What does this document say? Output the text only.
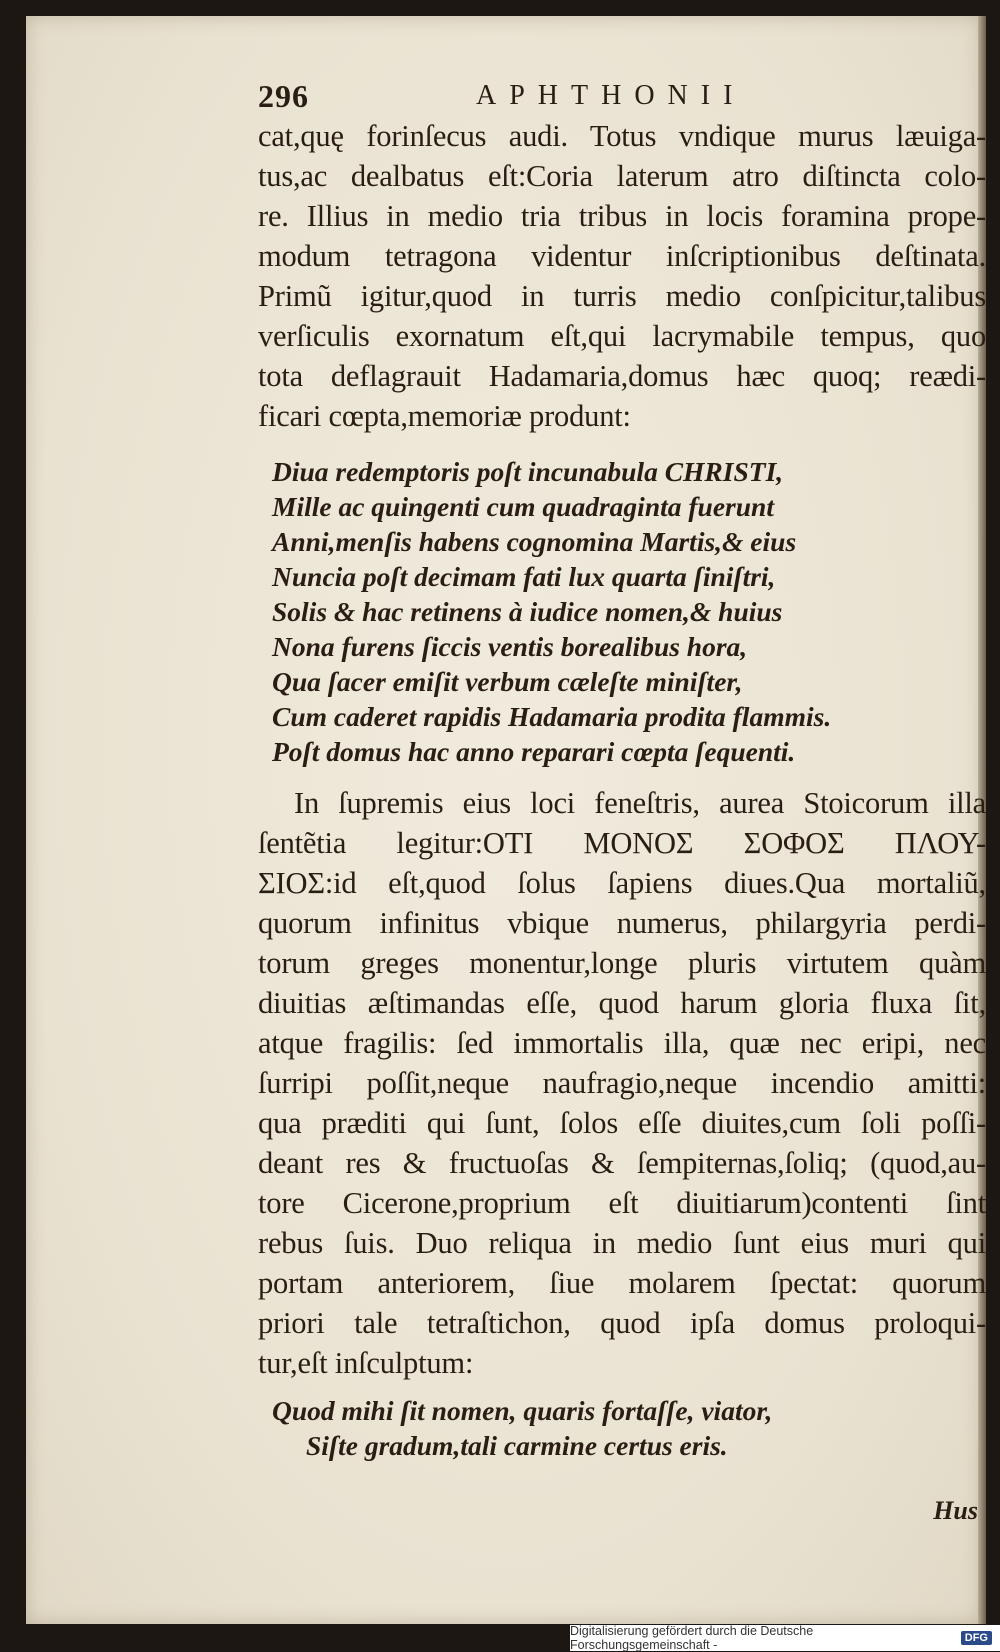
296	APHTHONII

cat,quę forinſecus audi. Totus vndique murus læuiga-
tus,ac dealbatus eſt:Coria laterum atro diſtincta colo-
re. Illius in medio tria tribus in locis foramina prope-
modum tetragona videntur inſcriptionibus deſtinata.
Primũ igitur,quod in turris medio conſpicitur,talibus
verſiculis exornatum eſt,qui lacrymabile tempus, quo
tota deflagrauit Hadamaria,domus hæc quoq; reædi-
ficari cœpta,memoriæ produnt:

Diua redemptoris poſt incunabula CHRISTI,
Mille ac quingenti cum quadraginta fuerunt
Anni,menſis habens cognomina Martis,& eius
Nuncia poſt decimam fati lux quarta ſiniſtri,
Solis & hac retinens à iudice nomen,& huius
Nona furens ſiccis ventis borealibus hora,
Qua ſacer emiſit verbum cæleſte miniſter,
Cum caderet rapidis Hadamaria prodita flammis.
Poſt domus hac anno reparari cœpta ſequenti.

In ſupremis eius loci feneſtris, aurea Stoicorum illa
ſentẽtia legitur:ΟΤΙ ΜΟΝΟΣ ΣΟΦΟΣ ΠΛΟΥ-
ΣΙΟΣ:id eſt,quod ſolus ſapiens diues.Qua mortaliũ,
quorum infinitus vbique numerus, philargyria perdi-
torum greges monentur,longe pluris virtutem quàm
diuitias æſtimandas eſſe, quod harum gloria fluxa ſit,
atque fragilis: ſed immortalis illa, quæ nec eripi, nec
ſurripi poſſit,neque naufragio,neque incendio amitti:
qua præditi qui ſunt, ſolos eſſe diuites,cum ſoli poſſi-
deant res & fructuoſas & ſempiternas,ſoliq; (quod,au-
tore Cicerone,proprium eſt diuitiarum)contenti ſint
rebus ſuis. Duo reliqua in medio ſunt eius muri qui
portam anteriorem, ſiue molarem ſpectat: quorum
priori tale tetraſtichon, quod ipſa domus proloqui-
tur,eſt inſculptum:

Quod mihi ſit nomen, quaris fortaſſe, viator,
Siſte gradum,tali carmine certus eris.
Hus
Digitalisierung gefördert durch die Deutsche Forschungsgemeinschaft -	DFG
